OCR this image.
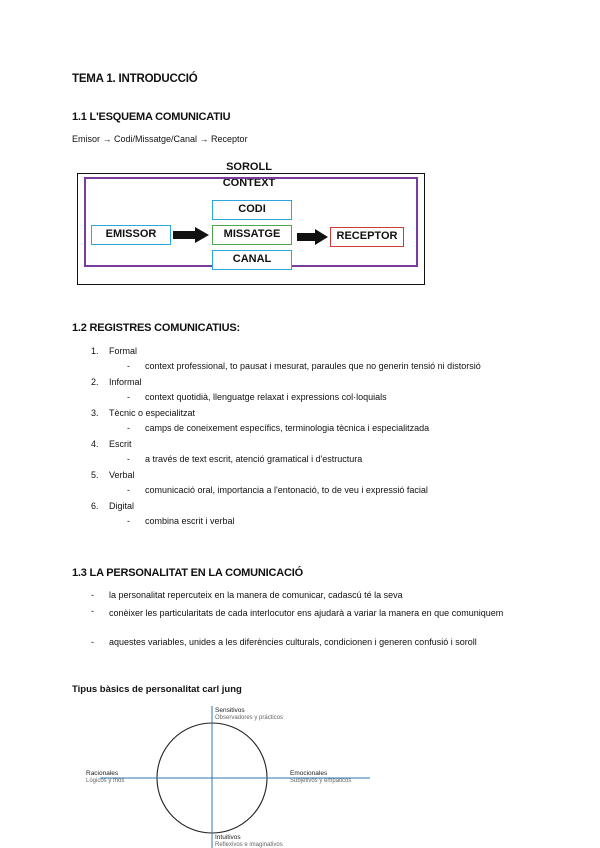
TEMA 1. INTRODUCCIÓ
1.1 L'ESQUEMA COMUNICATIU
Emisor → Codi/Missatge/Canal → Receptor
SOROLL
CONTEXT
CODI
MISSATGE
CANAL
EMISSOR	RECEPTOR
1.2 REGISTRES COMUNICATIUS:
1. Formal
- context professional, to pausat i mesurat, paraules que no generin tensió ni distorsió
2. Informal
- context quotidià, llenguatge relaxat i expressions col·loquials
3. Tècnic o especialitzat
- camps de coneixement específics, terminologia tècnica i especialitzada
4. Escrit
- a través de text escrit, atenció gramatical i d'estructura
5. Verbal
- comunicació oral, importancia a l'entonació, to de veu i expressió facial
6. Digital
- combina escrit i verbal
1.3 LA PERSONALITAT EN LA COMUNICACIÓ
- la personalitat repercuteix en la manera de comunicar, cadascú té la seva
- conèixer les particularitats de cada interlocutor ens ajudarà a variar la manera en que comuniquem
- aquestes variables, unides a les diferències culturals, condicionen i generen confusió i soroll
Tipus bàsics de personalitat carl jung
Sensitivos
Observadores y prácticos
Racionales
Lógicos y frios
Emocionales
Subjetivos y empáticos
Intuitivos
Reflexivos e imaginativos
